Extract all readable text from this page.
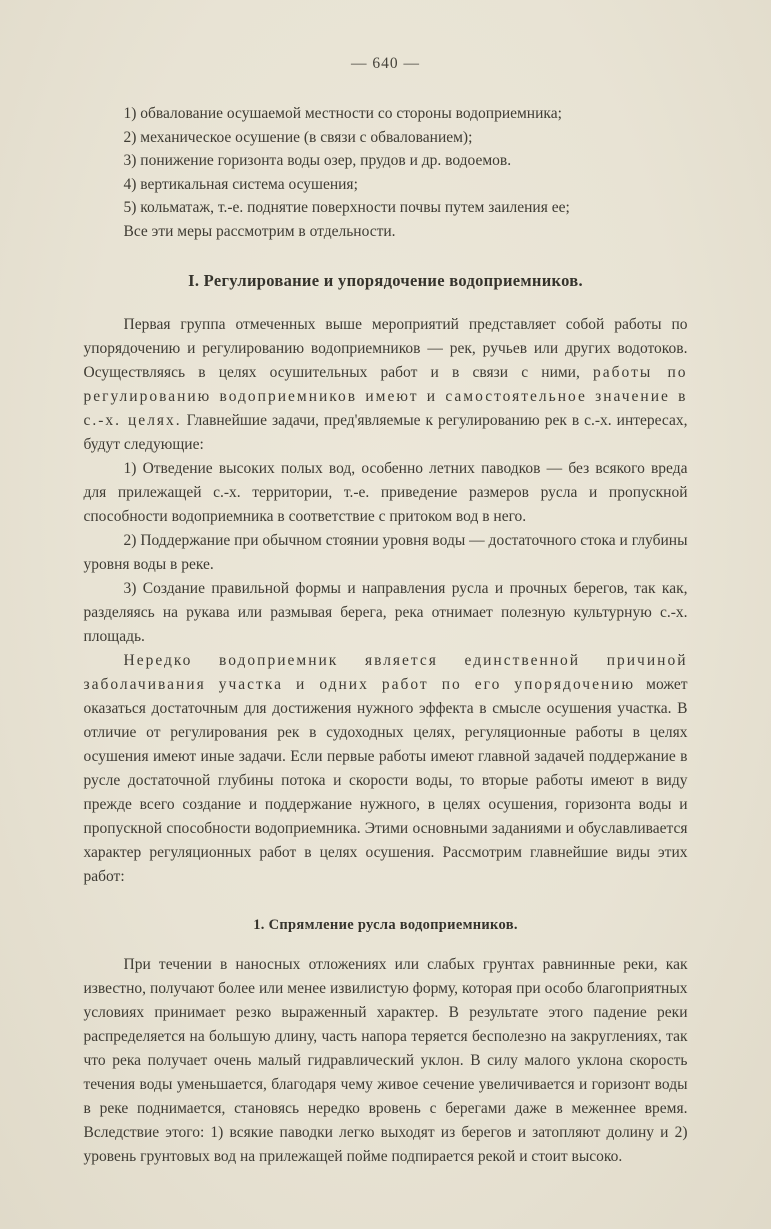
— 640 —

1) обвалование осушаемой местности со стороны водоприемника;

2) механическое осушение (в связи с обвалованием);

3) понижение горизонта воды озер, прудов и др. водоемов.

4) вертикальная система осушения;

5) кольматаж, т.-е. поднятие поверхности почвы путем заиления ее;

Все эти меры рассмотрим в отдельности.

I. Регулирование и упорядочение водоприемников.

Первая группа отмеченных выше мероприятий представляет собой работы по упорядочению и регулированию водоприемников — рек, ручьев или других водотоков. Осуществляясь в целях осушительных работ и в связи с ними, работы по регулированию водоприемников имеют и самостоятельное значение в с.-х. целях. Главнейшие задачи, пред'являемые к регулированию рек в с.-х. интересах, будут следующие:

1) Отведение высоких полых вод, особенно летних паводков — без всякого вреда для прилежащей с.-х. территории, т.-е. приведение размеров русла и пропускной способности водоприемника в соответствие с притоком вод в него.

2) Поддержание при обычном стоянии уровня воды — достаточного стока и глубины уровня воды в реке.

3) Создание правильной формы и направления русла и прочных берегов, так как, разделяясь на рукава или размывая берега, река отнимает полезную культурную с.-х. площадь.

Нередко водоприемник является единственной причиной заболачивания участка и одних работ по его упорядочению может оказаться достаточным для достижения нужного эффекта в смысле осушения участка. В отличие от регулирования рек в судоходных целях, регуляционные работы в целях осушения имеют иные задачи. Если первые работы имеют главной задачей поддержание в русле достаточной глубины потока и скорости воды, то вторые работы имеют в виду прежде всего создание и поддержание нужного, в целях осушения, горизонта воды и пропускной способности водоприемника. Этими основными заданиями и обуславливается характер регуляционных работ в целях осушения. Рассмотрим главнейшие виды этих работ:

1. Спрямление русла водоприемников.

При течении в наносных отложениях или слабых грунтах равнинные реки, как известно, получают более или менее извилистую форму, которая при особо благоприятных условиях принимает резко выраженный характер. В результате этого падение реки распределяется на большую длину, часть напора теряется бесполезно на закруглениях, так что река получает очень малый гидравлический уклон. В силу малого уклона скорость течения воды уменьшается, благодаря чему живое сечение увеличивается и горизонт воды в реке поднимается, становясь нередко вровень с берегами даже в меженнее время. Вследствие этого: 1) всякие паводки легко выходят из берегов и затопляют долину и 2) уровень грунтовых вод на прилежащей пойме подпирается рекой и стоит высоко.
